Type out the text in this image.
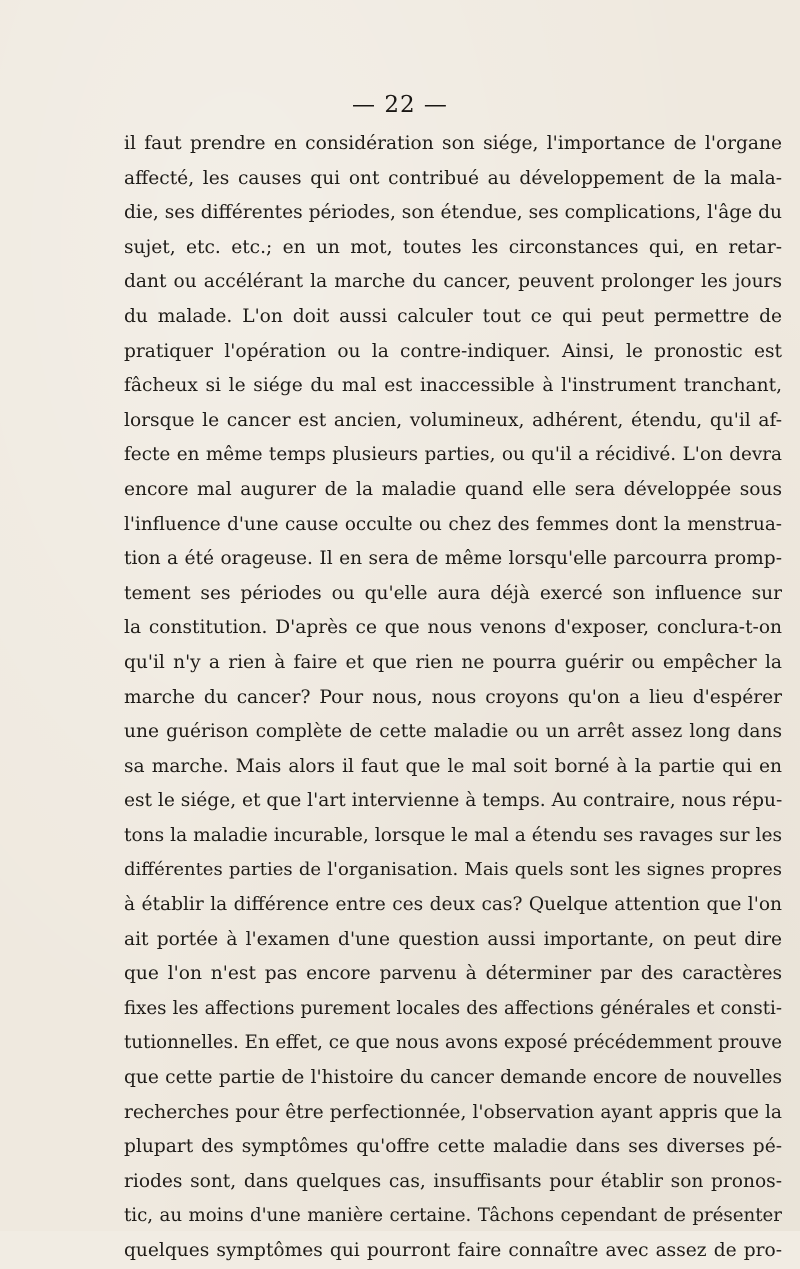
— 22 —
il faut prendre en considération son siége, l'importance de l'organe
affecté, les causes qui ont contribué au développement de la mala-
die, ses différentes périodes, son étendue, ses complications, l'âge du
sujet, etc. etc.; en un mot, toutes les circonstances qui, en retar-
dant ou accélérant la marche du cancer, peuvent prolonger les jours
du malade. L'on doit aussi calculer tout ce qui peut permettre de
pratiquer l'opération ou la contre-indiquer. Ainsi, le pronostic est
fâcheux si le siége du mal est inaccessible à l'instrument tranchant,
lorsque le cancer est ancien, volumineux, adhérent, étendu, qu'il af-
fecte en même temps plusieurs parties, ou qu'il a récidivé. L'on devra
encore mal augurer de la maladie quand elle sera développée sous
l'influence d'une cause occulte ou chez des femmes dont la menstrua-
tion a été orageuse. Il en sera de même lorsqu'elle parcourra promp-
tement ses périodes ou qu'elle aura déjà exercé son influence sur
la constitution. D'après ce que nous venons d'exposer, conclura-t-on
qu'il n'y a rien à faire et que rien ne pourra guérir ou empêcher la
marche du cancer? Pour nous, nous croyons qu'on a lieu d'espérer
une guérison complète de cette maladie ou un arrêt assez long dans
sa marche. Mais alors il faut que le mal soit borné à la partie qui en
est le siége, et que l'art intervienne à temps. Au contraire, nous répu-
tons la maladie incurable, lorsque le mal a étendu ses ravages sur les
différentes parties de l'organisation. Mais quels sont les signes propres
à établir la différence entre ces deux cas? Quelque attention que l'on
ait portée à l'examen d'une question aussi importante, on peut dire
que l'on n'est pas encore parvenu à déterminer par des caractères
fixes les affections purement locales des affections générales et consti-
tutionnelles. En effet, ce que nous avons exposé précédemment prouve
que cette partie de l'histoire du cancer demande encore de nouvelles
recherches pour être perfectionnée, l'observation ayant appris que la
plupart des symptômes qu'offre cette maladie dans ses diverses pé-
riodes sont, dans quelques cas, insuffisants pour établir son pronos-
tic, au moins d'une manière certaine. Tâchons cependant de présenter
quelques symptômes qui pourront faire connaître avec assez de pro-
